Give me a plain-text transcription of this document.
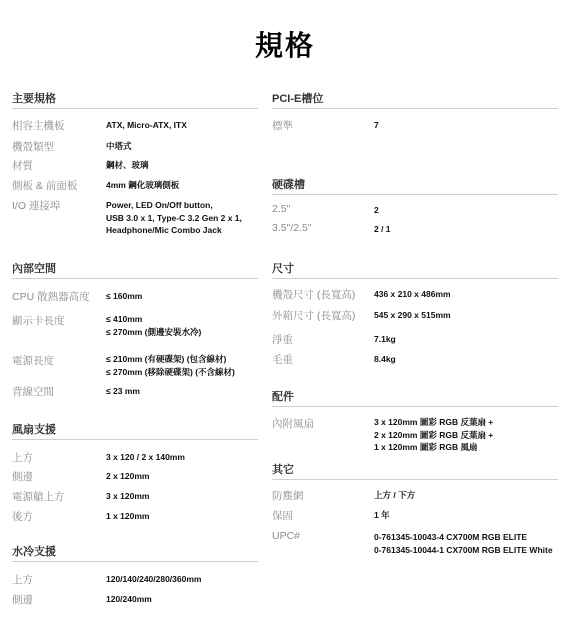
規格
主要規格
相容主機板	ATX, Micro-ATX, ITX
機殼類型	中塔式
材質	鋼材、玻璃
側板 & 前面板	4mm 鋼化玻璃側板
I/O 連接埠	Power, LED On/Off button,
USB 3.0 x 1, Type-C 3.2 Gen 2 x 1,
Headphone/Mic Combo Jack
內部空間
CPU 散熱器高度 ≤ 160mm
顯示卡長度	≤ 410mm
≤ 270mm (側邊安裝水冷)
電源長度	≤ 210mm (有硬碟架) (包含線材)
≤ 270mm (移除硬碟架) (不含線材)
背線空間	≤ 23 mm
風扇支援
上方	3 x 120 / 2 x 140mm
側邊	2 x 120mm
電源艙上方	3 x 120mm
後方	1 x 120mm
水冷支援
上方	120/140/240/280/360mm
側邊	120/240mm
PCI-E槽位
標準	7
硬碟槽
2.5"	2
3.5"/2.5"	2 / 1
尺寸
機殼尺寸 (長寬高) 436 x 210 x 486mm
外箱尺寸 (長寬高) 545 x 290 x 515mm
淨重	7.1kg
毛重	8.4kg
配件
內附風扇	3 x 120mm 圖彩 RGB 反葉扇 +
2 x 120mm 圖彩 RGB 反葉扇 +
1 x 120mm 圖彩 RGB 風扇
其它
防塵網	上方 / 下方
保固	1 年
UPC#	0-761345-10043-4 CX700M RGB ELITE
0-761345-10044-1 CX700M RGB ELITE White
